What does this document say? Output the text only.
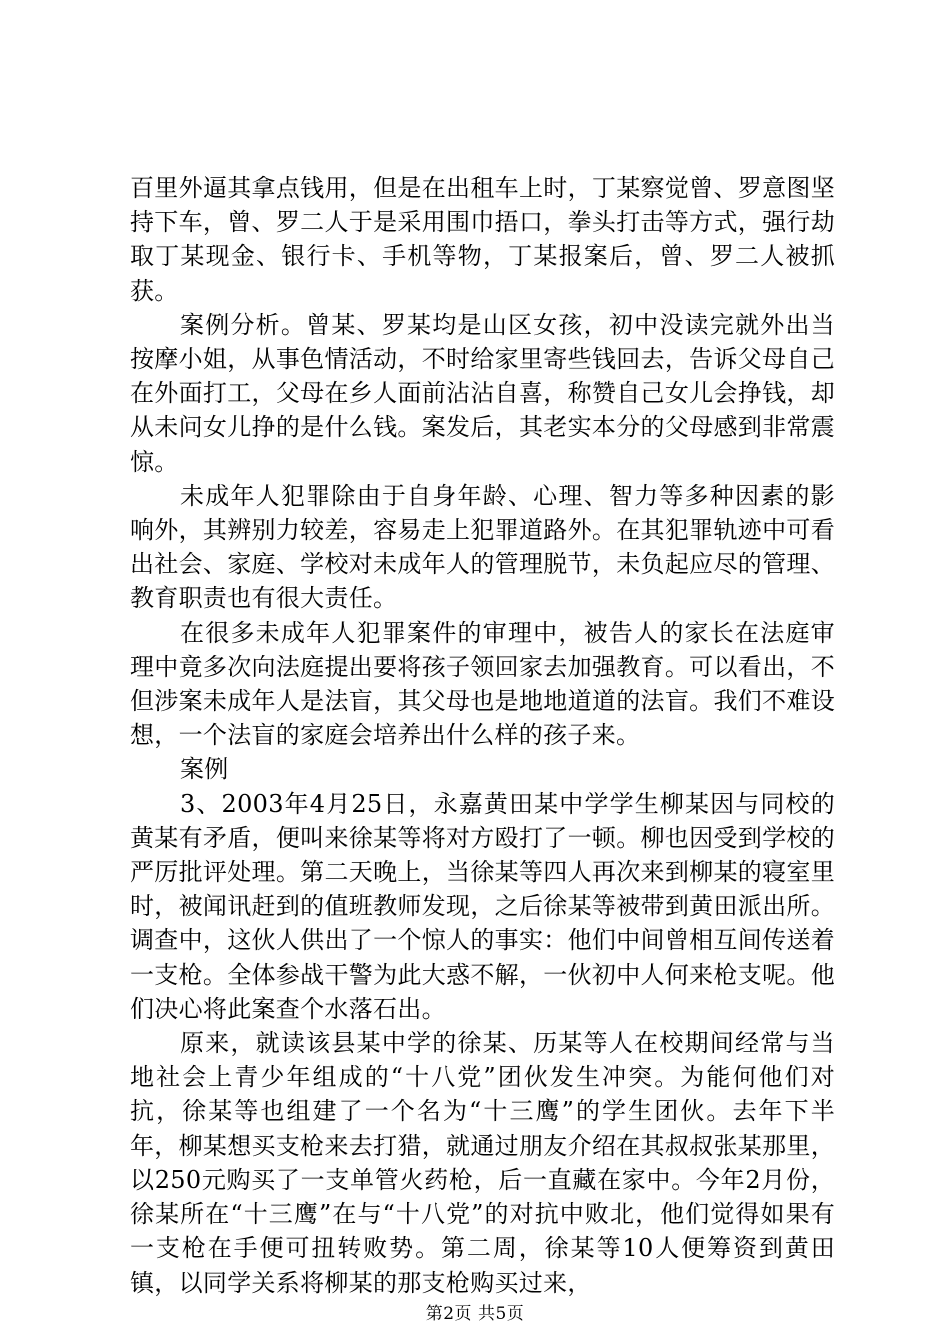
百里外逼其拿点钱用，但是在出租车上时，丁某察觉曾、罗意图坚持下车，曾、罗二人于是采用围巾捂口，拳头打击等方式，强行劫取丁某现金、银行卡、手机等物，丁某报案后，曾、罗二人被抓获。

案例分析。曾某、罗某均是山区女孩，初中没读完就外出当按摩小姐，从事色情活动，不时给家里寄些钱回去，告诉父母自己在外面打工，父母在乡人面前沾沾自喜，称赞自己女儿会挣钱，却从未问女儿挣的是什么钱。案发后，其老实本分的父母感到非常震惊。

未成年人犯罪除由于自身年龄、心理、智力等多种因素的影响外，其辨别力较差，容易走上犯罪道路外。在其犯罪轨迹中可看出社会、家庭、学校对未成年人的管理脱节，未负起应尽的管理、教育职责也有很大责任。

在很多未成年人犯罪案件的审理中，被告人的家长在法庭审理中竟多次向法庭提出要将孩子领回家去加强教育。可以看出，不但涉案未成年人是法盲，其父母也是地地道道的法盲。我们不难设想，一个法盲的家庭会培养出什么样的孩子来。

案例

3、2003年4月25日，永嘉黄田某中学学生柳某因与同校的黄某有矛盾，便叫来徐某等将对方殴打了一顿。柳也因受到学校的严厉批评处理。第二天晚上，当徐某等四人再次来到柳某的寝室里时，被闻讯赶到的值班教师发现，之后徐某等被带到黄田派出所。调查中，这伙人供出了一个惊人的事实：他们中间曾相互间传送着一支枪。全体参战干警为此大惑不解，一伙初中人何来枪支呢。他们决心将此案查个水落石出。

原来，就读该县某中学的徐某、历某等人在校期间经常与当地社会上青少年组成的“十八党”团伙发生冲突。为能何他们对抗，徐某等也组建了一个名为“十三鹰”的学生团伙。去年下半年，柳某想买支枪来去打猎，就通过朋友介绍在其叔叔张某那里，以250元购买了一支单管火药枪，后一直藏在家中。今年2月份，徐某所在“十三鹰”在与“十八党”的对抗中败北，他们觉得如果有一支枪在手便可扭转败势。第二周，徐某等10人便筹资到黄田镇，以同学关系将柳某的那支枪购买过来，

第2页 共5页
